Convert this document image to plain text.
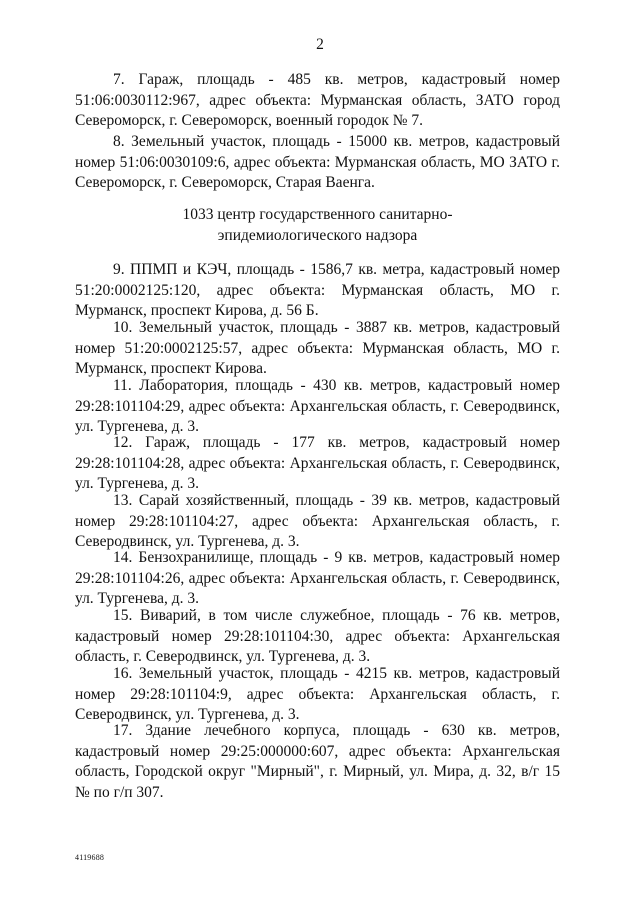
2

7. Гараж, площадь - 485 кв. метров, кадастровый номер 51:06:0030112:967, адрес объекта: Мурманская область, ЗАТО город Североморск, г. Североморск, военный городок № 7.

8. Земельный участок, площадь - 15000 кв. метров, кадастровый номер 51:06:0030109:6, адрес объекта: Мурманская область, МО ЗАТО г. Североморск, г. Североморск, Старая Ваенга.

1033 центр государственного санитарно-
эпидемиологического надзора

9. ППМП и КЭЧ, площадь - 1586,7 кв. метра, кадастровый номер 51:20:0002125:120, адрес объекта: Мурманская область, МО г. Мурманск, проспект Кирова, д. 56 Б.

10. Земельный участок, площадь - 3887 кв. метров, кадастровый номер 51:20:0002125:57, адрес объекта: Мурманская область, МО г. Мурманск, проспект Кирова.

11. Лаборатория, площадь - 430 кв. метров, кадастровый номер 29:28:101104:29, адрес объекта: Архангельская область, г. Северодвинск, ул. Тургенева, д. 3.

12. Гараж, площадь - 177 кв. метров, кадастровый номер 29:28:101104:28, адрес объекта: Архангельская область, г. Северодвинск, ул. Тургенева, д. 3.

13. Сарай хозяйственный, площадь - 39 кв. метров, кадастровый номер 29:28:101104:27, адрес объекта: Архангельская область, г. Северодвинск, ул. Тургенева, д. 3.

14. Бензохранилище, площадь - 9 кв. метров, кадастровый номер 29:28:101104:26, адрес объекта: Архангельская область, г. Северодвинск, ул. Тургенева, д. 3.

15. Виварий, в том числе служебное, площадь - 76 кв. метров, кадастровый номер 29:28:101104:30, адрес объекта: Архангельская область, г. Северодвинск, ул. Тургенева, д. 3.

16. Земельный участок, площадь - 4215 кв. метров, кадастровый номер 29:28:101104:9, адрес объекта: Архангельская область, г. Северодвинск, ул. Тургенева, д. 3.

17. Здание лечебного корпуса, площадь - 630 кв. метров, кадастровый номер 29:25:000000:607, адрес объекта: Архангельская область, Городской округ "Мирный", г. Мирный, ул. Мира, д. 32, в/г 15 № по г/п 307.

4119688
